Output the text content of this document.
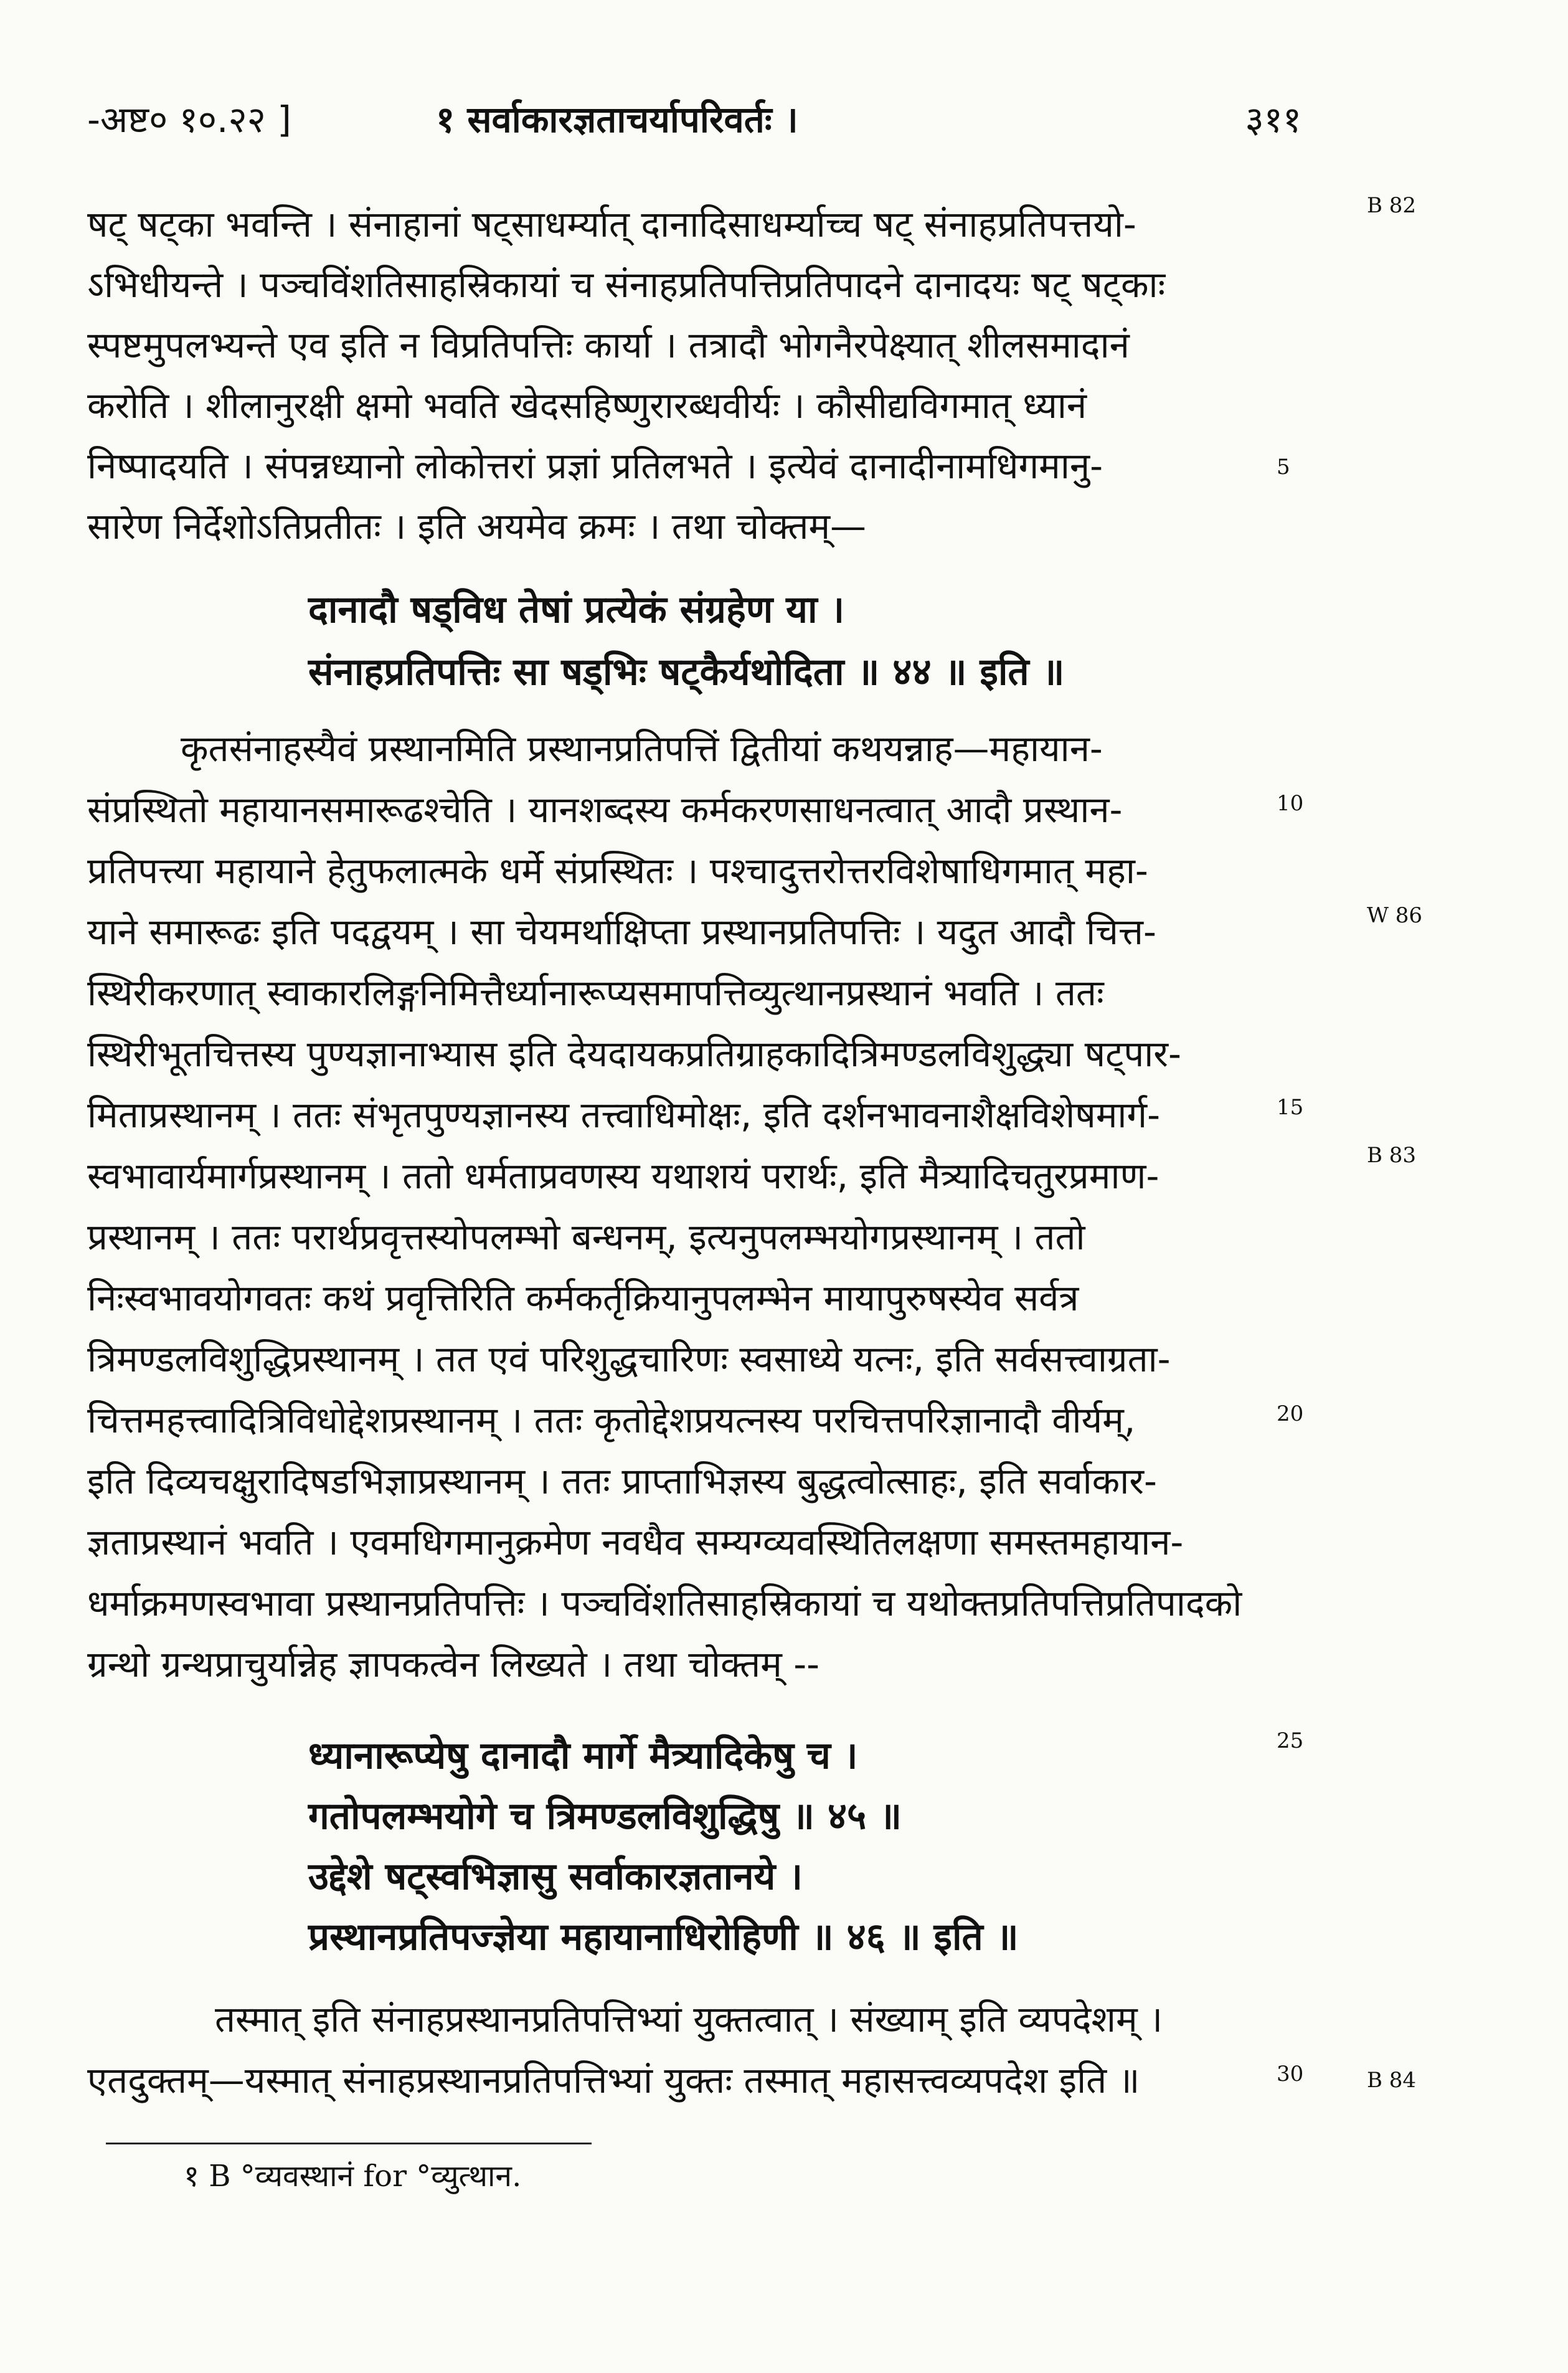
-अष्ट० १०.२२ ]	१ सर्वाकारज्ञताचर्यापरिवर्तः ।	३११
षट् षट्का भवन्ति । संनाहानां षट्साधर्म्यात् दानादिसाधर्म्याच्च षट् संनाहप्रतिपत्तयो-
ऽभिधीयन्ते । पञ्चविंशतिसाहस्रिकायां च संनाहप्रतिपत्तिप्रतिपादने दानादयः षट् षट्काः
स्पष्टमुपलभ्यन्ते एव इति न विप्रतिपत्तिः कार्या । तत्रादौ भोगनैरपेक्ष्यात् शीलसमादानं
करोति । शीलानुरक्षी क्षमो भवति खेदसहिष्णुरारब्धवीर्यः । कौसीद्यविगमात् ध्यानं
निष्पादयति । संपन्नध्यानो लोकोत्तरां प्रज्ञां प्रतिलभते । इत्येवं दानादीनामधिगमानु-
सारेण निर्देशोऽतिप्रतीतः । इति अयमेव क्रमः । तथा चोक्तम्—
दानादौ षड्विध तेषां प्रत्येकं संग्रहेण या ।
संनाहप्रतिपत्तिः सा षड्भिः षट्कैर्यथोदिता ॥ ४४ ॥ इति ॥
कृतसंनाहस्यैवं प्रस्थानमिति प्रस्थानप्रतिपत्तिं द्वितीयां कथयन्नाह—महायान-
संप्रस्थितो महायानसमारूढश्चेति । यानशब्दस्य कर्मकरणसाधनत्वात् आदौ प्रस्थान-
प्रतिपत्त्या महायाने हेतुफलात्मके धर्मे संप्रस्थितः । पश्चादुत्तरोत्तरविशेषाधिगमात् महा-
याने समारूढः इति पदद्वयम् । सा चेयमर्थाक्षिप्ता प्रस्थानप्रतिपत्तिः । यदुत आदौ चित्त-
स्थिरीकरणात् स्वाकारलिङ्गनिमित्तैर्ध्यानारूप्यसमापत्तिव्युत्थानप्रस्थानं भवति । ततः
स्थिरीभूतचित्तस्य पुण्यज्ञानाभ्यास इति देयदायकप्रतिग्राहकादित्रिमण्डलविशुद्ध्या षट्पार-
मिताप्रस्थानम् । ततः संभृतपुण्यज्ञानस्य तत्त्वाधिमोक्षः, इति दर्शनभावनाशैक्षविशेषमार्ग-
स्वभावार्यमार्गप्रस्थानम् । ततो धर्मताप्रवणस्य यथाशयं परार्थः, इति मैत्र्यादिचतुरप्रमाण-
प्रस्थानम् । ततः परार्थप्रवृत्तस्योपलम्भो बन्धनम्, इत्यनुपलम्भयोगप्रस्थानम् । ततो
निःस्वभावयोगवतः कथं प्रवृत्तिरिति कर्मकर्तृक्रियानुपलम्भेन मायापुरुषस्येव सर्वत्र
त्रिमण्डलविशुद्धिप्रस्थानम् । तत एवं परिशुद्धचारिणः स्वसाध्ये यत्नः, इति सर्वसत्त्वाग्रता-
चित्तमहत्त्वादित्रिविधोद्देशप्रस्थानम् । ततः कृतोद्देशप्रयत्नस्य परचित्तपरिज्ञानादौ वीर्यम्,
इति दिव्यचक्षुरादिषडभिज्ञाप्रस्थानम् । ततः प्राप्ताभिज्ञस्य बुद्धत्वोत्साहः, इति सर्वाकार-
ज्ञताप्रस्थानं भवति । एवमधिगमानुक्रमेण नवधैव सम्यग्व्यवस्थितिलक्षणा समस्तमहायान-
धर्माक्रमणस्वभावा प्रस्थानप्रतिपत्तिः । पञ्चविंशतिसाहस्रिकायां च यथोक्तप्रतिपत्तिप्रतिपादको
ग्रन्थो ग्रन्थप्राचुर्यान्नेह ज्ञापकत्वेन लिख्यते । तथा चोक्तम् --
ध्यानारूप्येषु दानादौ मार्गे मैत्र्यादिकेषु च ।
गतोपलम्भयोगे च त्रिमण्डलविशुद्धिषु ॥ ४५ ॥
उद्देशे षट्स्वभिज्ञासु सर्वाकारज्ञतानये ।
प्रस्थानप्रतिपज्ज्ञेया महायानाधिरोहिणी ॥ ४६ ॥ इति ॥
तस्मात् इति संनाहप्रस्थानप्रतिपत्तिभ्यां युक्तत्वात् । संख्याम् इति व्यपदेशम् ।
एतदुक्तम्—यस्मात् संनाहप्रस्थानप्रतिपत्तिभ्यां युक्तः तस्मात् महासत्त्वव्यपदेश इति ॥
5
10
15
20
25
30
B 82
W 86
B 83
B 84
१ B °व्यवस्थानं for °व्युत्थान.
